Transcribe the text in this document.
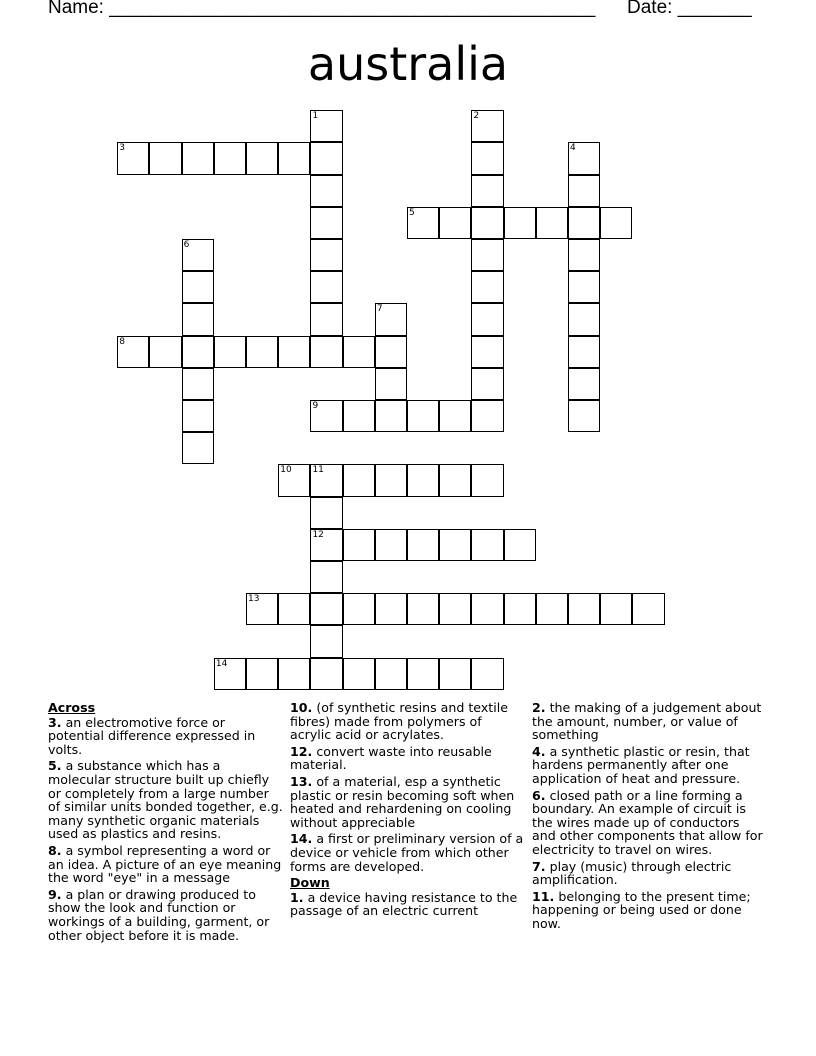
Name: ______________________________________________ Date: _______
australia
1	2
3	4
5
6
7
8
9
10 11
12
13
14
Across
3. an electromotive force or potential difference expressed in volts.
5. a substance which has a molecular structure built up chiefly or completely from a large number of similar units bonded together, e.g. many synthetic organic materials used as plastics and resins.
8. a symbol representing a word or an idea. A picture of an eye meaning the word "eye" in a message
9. a plan or drawing produced to show the look and function or workings of a building, garment, or other object before it is made.
10. (of synthetic resins and textile fibres) made from polymers of acrylic acid or acrylates.
12. convert waste into reusable material.
13. of a material, esp a synthetic plastic or resin becoming soft when heated and rehardening on cooling without appreciable
14. a first or preliminary version of a device or vehicle from which other forms are developed.
Down
1. a device having resistance to the passage of an electric current
2. the making of a judgement about the amount, number, or value of something
4. a synthetic plastic or resin, that hardens permanently after one application of heat and pressure.
6. closed path or a line forming a boundary. An example of circuit is the wires made up of conductors and other components that allow for electricity to travel on wires.
7. play (music) through electric amplification.
11. belonging to the present time; happening or being used or done now.
